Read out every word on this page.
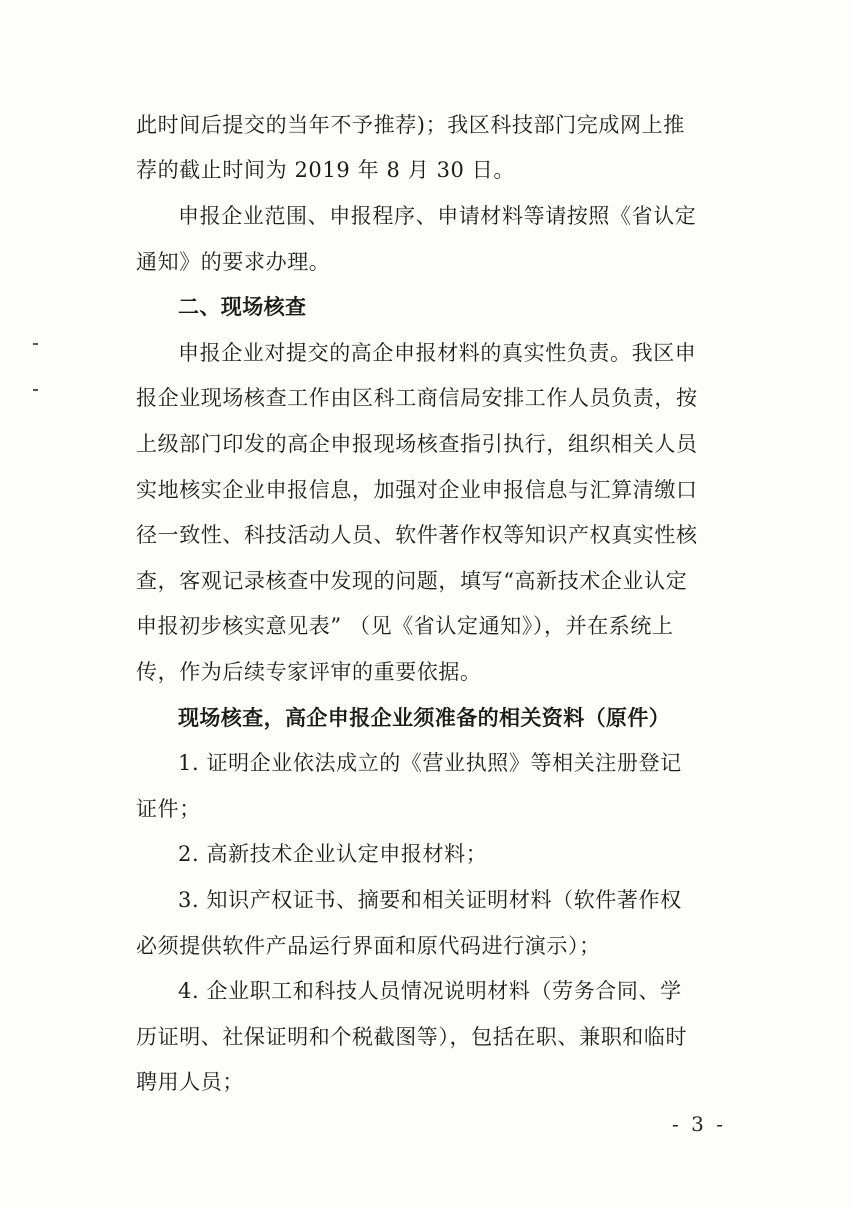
此时间后提交的当年不予推荐)；我区科技部门完成网上推
荐的截止时间为 2019 年 8 月 30 日。
申报企业范围、申报程序、申请材料等请按照《省认定
通知》的要求办理。
二、现场核查
申报企业对提交的高企申报材料的真实性负责。我区申
报企业现场核查工作由区科工商信局安排工作人员负责，按
上级部门印发的高企申报现场核查指引执行，组织相关人员
实地核实企业申报信息，加强对企业申报信息与汇算清缴口
径一致性、科技活动人员、软件著作权等知识产权真实性核
查，客观记录核查中发现的问题，填写“高新技术企业认定
申报初步核实意见表” （见《省认定通知》），并在系统上
传，作为后续专家评审的重要依据。
现场核查，高企申报企业须准备的相关资料（原件）
1. 证明企业依法成立的《营业执照》等相关注册登记
证件；
2. 高新技术企业认定申报材料；
3. 知识产权证书、摘要和相关证明材料（软件著作权
必须提供软件产品运行界面和原代码进行演示）；
4. 企业职工和科技人员情况说明材料（劳务合同、学
历证明、社保证明和个税截图等），包括在职、兼职和临时
聘用人员；
- 3 -
